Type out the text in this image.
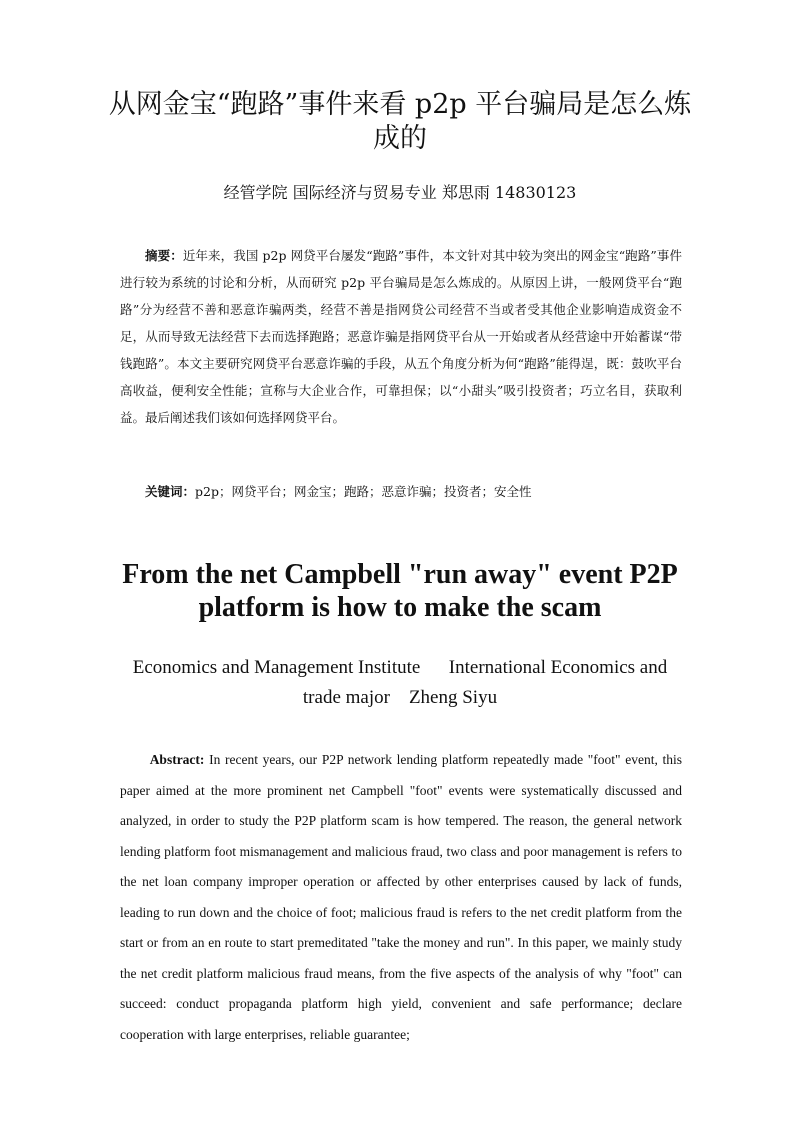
从网金宝“跑路”事件来看 p2p 平台骗局是怎么炼成的

经管学院 国际经济与贸易专业 郑思雨 14830123

摘要：近年来，我国 p2p 网贷平台屡发“跑路”事件，本文针对其中较为突出的网金宝“跑路”事件进行较为系统的讨论和分析，从而研究 p2p 平台骗局是怎么炼成的。从原因上讲，一般网贷平台“跑路”分为经营不善和恶意诈骗两类，经营不善是指网贷公司经营不当或者受其他企业影响造成资金不足，从而导致无法经营下去而选择跑路；恶意诈骗是指网贷平台从一开始或者从经营途中开始蓄谋“带钱跑路”。本文主要研究网贷平台恶意诈骗的手段，从五个角度分析为何“跑路”能得逞，既：鼓吹平台高收益，便利安全性能；宣称与大企业合作，可靠担保；以“小甜头”吸引投资者；巧立名目，获取利益。最后阐述我们该如何选择网贷平台。

关键词：p2p；网贷平台；网金宝；跑路；恶意诈骗；投资者；安全性

From the net Campbell "run away" event P2P platform is how to make the scam

Economics and Management Institute      International Economics and trade major    Zheng Siyu

Abstract: In recent years, our P2P network lending platform repeatedly made "foot" event, this paper aimed at the more prominent net Campbell "foot" events were systematically discussed and analyzed, in order to study the P2P platform scam is how tempered. The reason, the general network lending platform foot mismanagement and malicious fraud, two class and poor management is refers to the net loan company improper operation or affected by other enterprises caused by lack of funds, leading to run down and the choice of foot; malicious fraud is refers to the net credit platform from the start or from an en route to start premeditated "take the money and run". In this paper, we mainly study the net credit platform malicious fraud means, from the five aspects of the analysis of why "foot" can succeed: conduct propaganda platform high yield, convenient and safe performance; declare cooperation with large enterprises, reliable guarantee;
